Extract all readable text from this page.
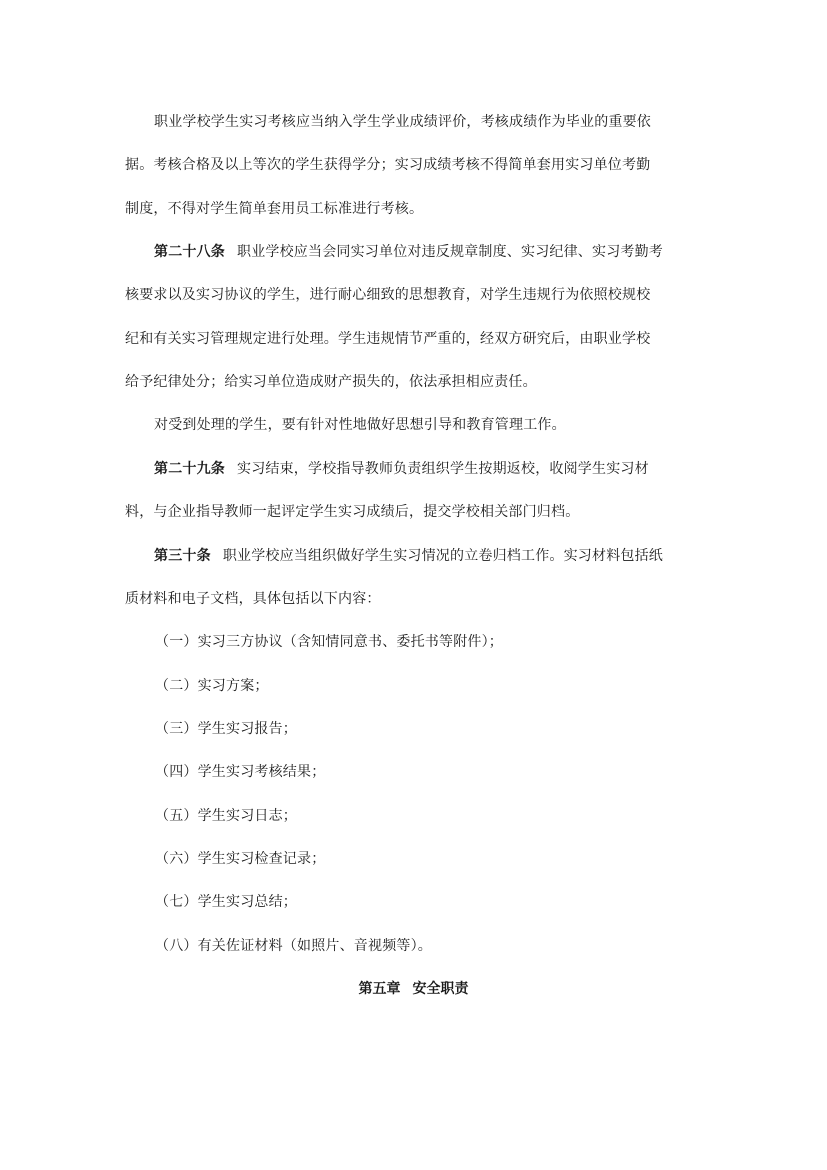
职业学校学生实习考核应当纳入学生学业成绩评价，考核成绩作为毕业的重要依
据。考核合格及以上等次的学生获得学分；实习成绩考核不得简单套用实习单位考勤
制度，不得对学生简单套用员工标准进行考核。
第二十八条 职业学校应当会同实习单位对违反规章制度、实习纪律、实习考勤考
核要求以及实习协议的学生，进行耐心细致的思想教育，对学生违规行为依照校规校
纪和有关实习管理规定进行处理。学生违规情节严重的，经双方研究后，由职业学校
给予纪律处分；给实习单位造成财产损失的，依法承担相应责任。
对受到处理的学生，要有针对性地做好思想引导和教育管理工作。
第二十九条 实习结束，学校指导教师负责组织学生按期返校，收阅学生实习材
料，与企业指导教师一起评定学生实习成绩后，提交学校相关部门归档。
第三十条 职业学校应当组织做好学生实习情况的立卷归档工作。实习材料包括纸
质材料和电子文档，具体包括以下内容：
（一）实习三方协议（含知情同意书、委托书等附件）；
（二）实习方案；
（三）学生实习报告；
（四）学生实习考核结果；
（五）学生实习日志；
（六）学生实习检查记录；
（七）学生实习总结；
（八）有关佐证材料（如照片、音视频等）。
第五章 安全职责
